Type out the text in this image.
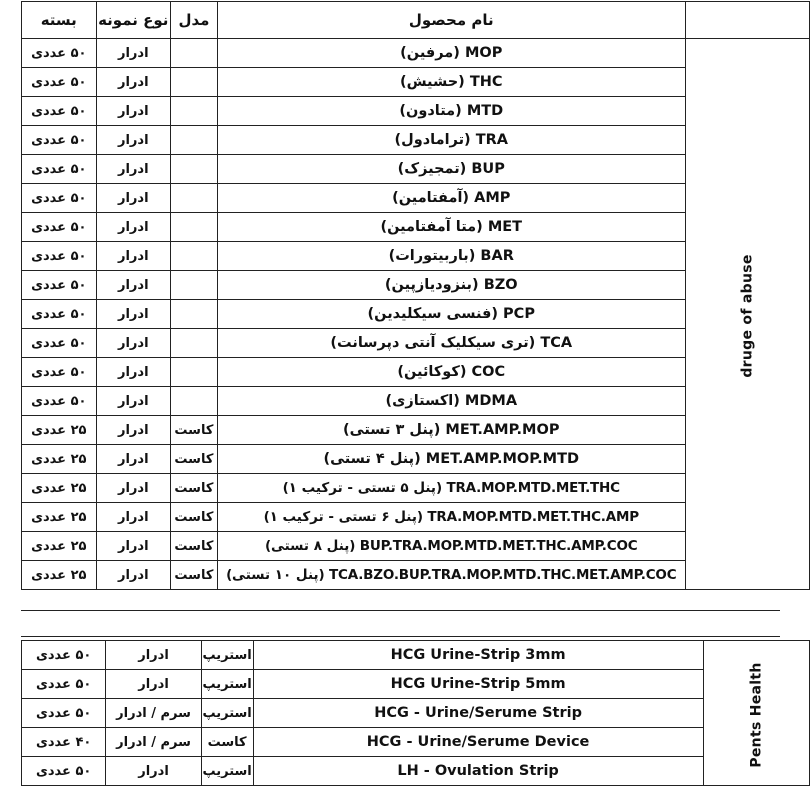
بسته	نوع نمونه	مدل	نام محصول	
۵۰ عددی	ادرار		MOP (مرفین)	druge of abuse
۵۰ عددی	ادرار		THC (حشیش)	
۵۰ عددی	ادرار		MTD (متادون)	
۵۰ عددی	ادرار		TRA (ترامادول)	
۵۰ عددی	ادرار		BUP (تمجیزک)	
۵۰ عددی	ادرار		AMP (آمفتامین)	
۵۰ عددی	ادرار		MET (متا آمفتامین)	
۵۰ عددی	ادرار		BAR (باربیتورات)	
۵۰ عددی	ادرار		BZO (بنزودیازپین)	
۵۰ عددی	ادرار		PCP (فنسی سیکلیدین)	
۵۰ عددی	ادرار		TCA (تری سیکلیک آنتی دپرسانت)	
۵۰ عددی	ادرار		COC (کوکائین)	
۵۰ عددی	ادرار		MDMA (اکستازی)	
۲۵ عددی	ادرار	کاست	MET.AMP.MOP (پنل ۳ تستی)	
۲۵ عددی	ادرار	کاست	MET.AMP.MOP.MTD (پنل ۴ تستی)	
۲۵ عددی	ادرار	کاست	TRA.MOP.MTD.MET.THC (پنل ۵ تستی - ترکیب ۱)	
۲۵ عددی	ادرار	کاست	TRA.MOP.MTD.MET.THC.AMP (پنل ۶ تستی - ترکیب ۱)	
۲۵ عددی	ادرار	کاست	BUP.TRA.MOP.MTD.MET.THC.AMP.COC (پنل ۸ تستی)	
۲۵ عددی	ادرار	کاست	TCA.BZO.BUP.TRA.MOP.MTD.THC.MET.AMP.COC (پنل ۱۰ تستی)	
۵۰ عددی	ادرار	استریپ	HCG Urine-Strip 3mm	Pents Health
۵۰ عددی	ادرار	استریپ	HCG Urine-Strip 5mm	
۵۰ عددی	سرم / ادرار	استریپ	HCG - Urine/Serume Strip	
۴۰ عددی	سرم / ادرار	کاست	HCG - Urine/Serume Device	
۵۰ عددی	ادرار	استریپ	LH - Ovulation Strip	
